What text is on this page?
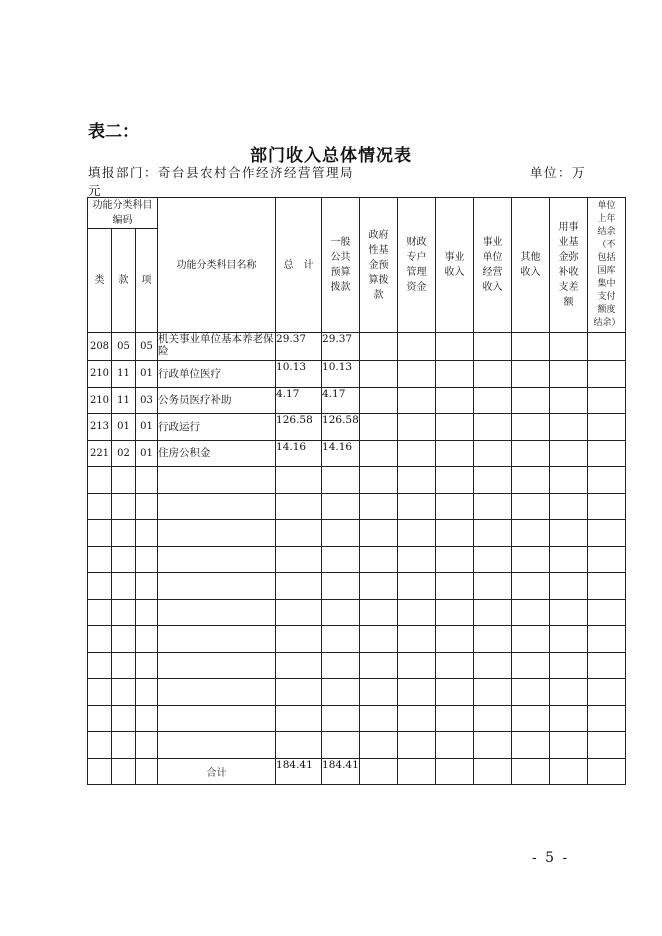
表二：
部门收入总体情况表
填报部门：奇台县农村合作经济经营管理局	单位：万
元
功能分类科目编码			功能分类科目名称	总　计	一般公共预算拨款	政府性基金预算拨款	财政专户管理资金	事业收入	事业单位经营收入	其他收入	用事业基金弥补收支差额	单位上年结余（不包括国库集中支付额度结余）
类	款	项										
208	05	05	机关事业单位基本养老保险	29.37	29.37							
210	11	01	行政单位医疗	10.13	10.13							
210	11	03	公务员医疗补助	4.17	4.17							
213	01	01	行政运行	126.58	126.58							
221	02	01	住房公积金	14.16	14.16							

			合计	184.41	184.41							
- 5 -
